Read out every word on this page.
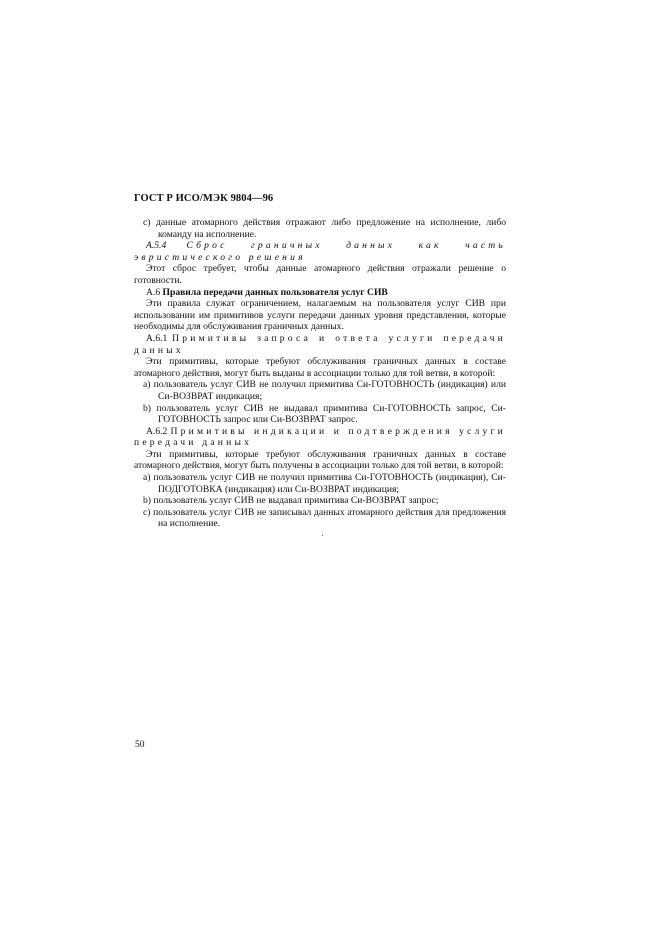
ГОСТ Р ИСО/МЭК 9804—96

с) данные атомарного действия отражают либо предложение на исполнение, либо команду на исполнение.

А.5.4 Сброс граничных данных как часть эвристического решения

Этот сброс требует, чтобы данные атомарного действия отражали решение о готовности.

А.6 Правила передачи данных пользователя услуг СИВ

Эти правила служат ограничением, налагаемым на пользователя услуг СИВ при использовании им примитивов услуги передачи данных уровня представления, которые необходимы для обслуживания граничных данных.

А.6.1 Примитивы запроса и ответа услуги передачи данных

Эти примитивы, которые требуют обслуживания граничных данных в составе атомарного действия, могут быть выданы в ассоциации только для той ветви, в которой:

а) пользователь услуг СИВ не получил примитива Си-ГОТОВНОСТЬ (индикация) или Си-ВОЗВРАТ индикация;

b) пользователь услуг СИВ не выдавал примитива Си-ГОТОВНОСТЬ запрос, Си-ГОТОВНОСТЬ запрос или Си-ВОЗВРАТ запрос.

А.6.2 Примитивы индикации и подтверждения услуги передачи данных

Эти примитивы, которые требуют обслуживания граничных данных в составе атомарного действия, могут быть получены в ассоциации только для той ветви, в которой:

а) пользователь услуг СИВ не получил примитива Си-ГОТОВНОСТЬ (индикация), Си-ПОДГОТОВКА (индикация) или Си-ВОЗВРАТ индикация;

b) пользователь услуг СИВ не выдавал примитива Си-ВОЗВРАТ запрос;

с) пользователь услуг СИВ не записывал данных атомарного действия для предложения на исполнение.

50
